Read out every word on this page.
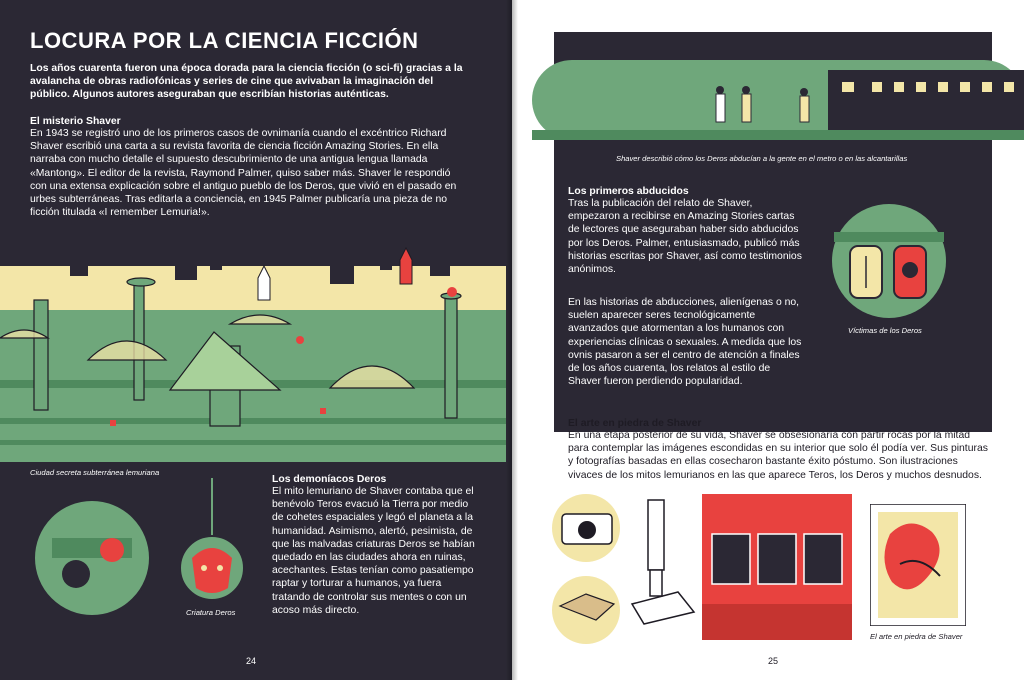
LOCURA POR LA CIENCIA FICCIÓN

Los años cuarenta fueron una época dorada para la ciencia ficción (o sci-fi) gracias a la avalancha de obras radiofónicas y series de cine que avivaban la imaginación del público. Algunos autores aseguraban que escribían historias auténticas.

El misterio Shaver

En 1943 se registró uno de los primeros casos de ovnimanía cuando el excéntrico Richard Shaver escribió una carta a su revista favorita de ciencia ficción Amazing Stories. En ella narraba con mucho detalle el supuesto descubrimiento de una antigua lengua llamada «Mantong». El editor de la revista, Raymond Palmer, quiso saber más. Shaver le respondió con una extensa explicación sobre el antiguo pueblo de los Deros, que vivió en el pasado en urbes subterráneas. Tras editarla a conciencia, en 1945 Palmer publicaría una pieza de no ficción titulada «I remember Lemuria!».

Ciudad secreta subterránea lemuriana
Criatura Deros

Los demoníacos Deros

El mito lemuriano de Shaver contaba que el benévolo Teros evacuó la Tierra por medio de cohetes espaciales y legó el planeta a la humanidad. Asimismo, alertó, pesimista, de que las malvadas criaturas Deros se habían quedado en las ciudades ahora en ruinas, acechantes. Estas tenían como pasatiempo raptar y torturar a humanos, ya fuera tratando de controlar sus mentes o con un acoso más directo.

24
Shaver describió cómo los Deros abducían a la gente en el metro o en las alcantarillas

Los primeros abducidos

Tras la publicación del relato de Shaver, empezaron a recibirse en Amazing Stories cartas de lectores que aseguraban haber sido abducidos por los Deros. Palmer, entusiasmado, publicó más historias escritas por Shaver, así como testimonios anónimos.

En las historias de abducciones, alienígenas o no, suelen aparecer seres tecnológicamente avanzados que atormentan a los humanos con experiencias clínicas o sexuales. A medida que los ovnis pasaron a ser el centro de atención a finales de los años cuarenta, los relatos al estilo de Shaver fueron perdiendo popularidad.

Víctimas de los Deros

El arte en piedra de Shaver

En una etapa posterior de su vida, Shaver se obsesionaría con partir rocas por la mitad para contemplar las imágenes escondidas en su interior que solo él podía ver. Sus pinturas y fotografías basadas en ellas cosecharon bastante éxito póstumo. Son ilustraciones vivaces de los mitos lemurianos en las que aparece Teros, los Deros y muchos desnudos.

El arte en piedra de Shaver
25
